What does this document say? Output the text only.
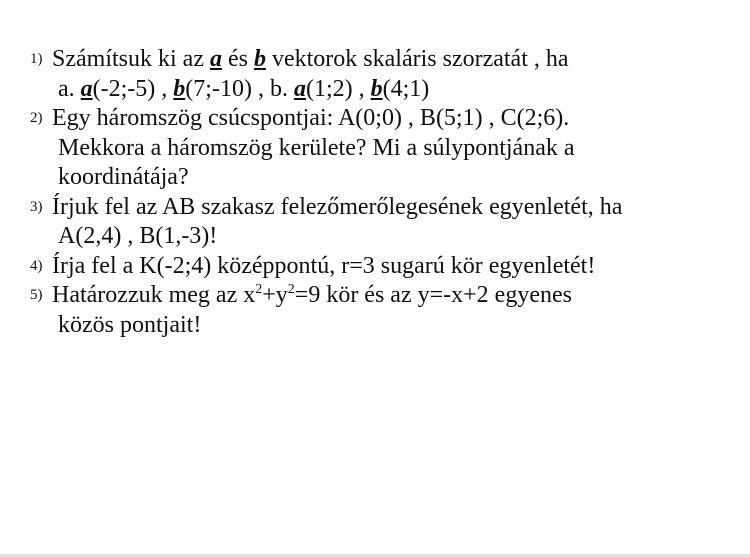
1) Számítsuk ki az a és b vektorok skaláris szorzatát , ha
a. a(-2;-5) , b(7;-10) , b. a(1;2) , b(4;1)
2) Egy háromszög csúcspontjai: A(0;0) , B(5;1) , C(2;6).
Mekkora a háromszög kerülete? Mi a súlypontjának a
koordinátája?
3) Írjuk fel az AB szakasz felezőmerőlegesének egyenletét, ha
A(2,4) , B(1,-3)!
4) Írja fel a K(-2;4) középpontú, r=3 sugarú kör egyenletét!
5) Határozzuk meg az $x^2+y^2=9$ kör és az y=-x+2 egyenes
közös pontjait!
